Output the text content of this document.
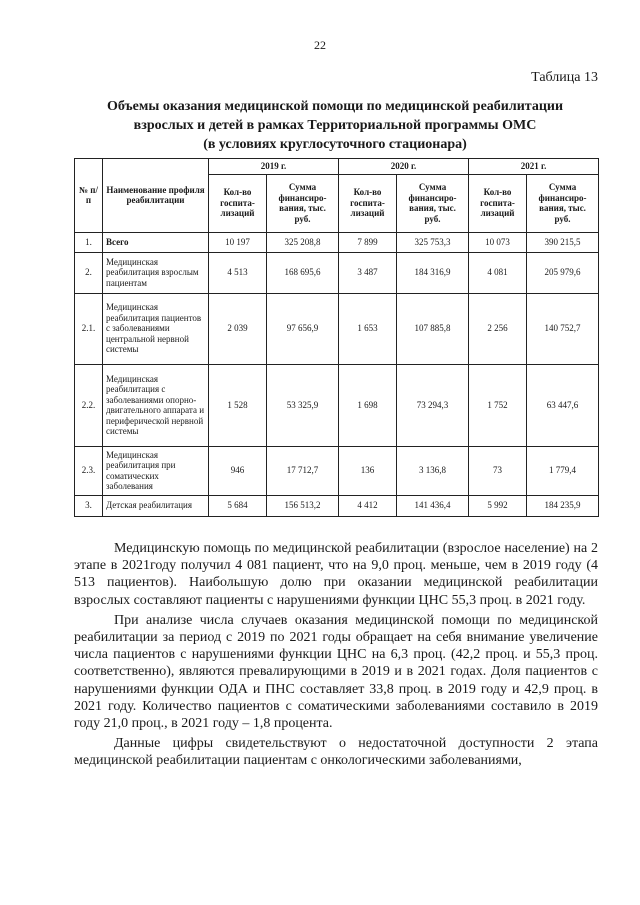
22
Таблица 13
Объемы оказания медицинской помощи по медицинской реабилитации
взрослых и детей в рамках Территориальной программы ОМС
(в условиях круглосуточного стационара)
№ п/п	Наименование профиля реабилитации	2019 г.		2020 г.		2021 г.	
		Кол-во госпита-лизаций	Сумма финансиро-вания, тыс. руб.	Кол-во госпита-лизаций	Сумма финансиро-вания, тыс. руб.	Кол-во госпита-лизаций	Сумма финансиро-вания, тыс. руб.
1.	Всего	10 197	325 208,8	7 899	325 753,3	10 073	390 215,5
2.	Медицинская реабилитация взрослым пациентам	4 513	168 695,6	3 487	184 316,9	4 081	205 979,6
2.1.	Медицинская реабилитация пациентов с заболеваниями центральной нервной системы	2 039	97 656,9	1 653	107 885,8	2 256	140 752,7
2.2.	Медицинская реабилитация с заболеваниями опорно-двигательного аппарата и периферической нервной системы	1 528	53 325,9	1 698	73 294,3	1 752	63 447,6
2.3.	Медицинская реабилитация при соматических заболевания	946	17 712,7	136	3 136,8	73	1 779,4
3.	Детская реабилитация	5 684	156 513,2	4 412	141 436,4	5 992	184 235,9

Медицинскую помощь по медицинской реабилитации (взрослое население) на 2 этапе в 2021году получил 4 081 пациент, что на 9,0 проц. меньше, чем в 2019 году (4 513 пациентов). Наибольшую долю при оказании медицинской реабилитации взрослых составляют пациенты с нарушениями функции ЦНС 55,3 проц. в 2021 году.

При анализе числа случаев оказания медицинской помощи по медицинской реабилитации за период с 2019 по 2021 годы обращает на себя внимание увеличение числа пациентов с нарушениями функции ЦНС на 6,3 проц. (42,2 проц. и 55,3 проц. соответственно), являются превалирующими в 2019 и в 2021 годах. Доля пациентов с нарушениями функции ОДА и ПНС составляет 33,8 проц. в 2019 году и 42,9 проц. в 2021 году. Количество пациентов с соматическими заболеваниями составило в 2019 году 21,0 проц., в 2021 году – 1,8 процента.

Данные цифры свидетельствуют о недостаточной доступности 2 этапа медицинской реабилитации пациентам с онкологическими заболеваниями,
